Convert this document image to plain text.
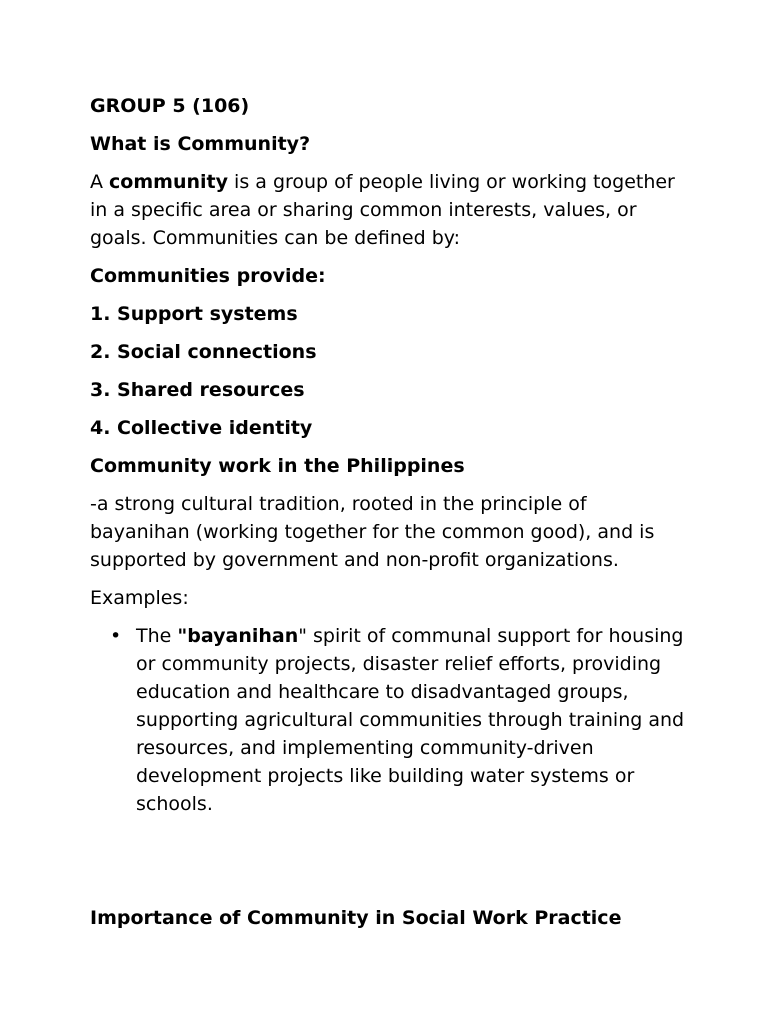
GROUP 5 (106)

What is Community?

A community is a group of people living or working together in a specific area or sharing common interests, values, or goals. Communities can be defined by:

Communities provide:

1. Support systems

2. Social connections

3. Shared resources

4. Collective identity

Community work in the Philippines

-a strong cultural tradition, rooted in the principle of bayanihan (working together for the common good), and is supported by government and non-profit organizations.

Examples:

• The "bayanihan" spirit of communal support for housing or community projects, disaster relief efforts, providing education and healthcare to disadvantaged groups, supporting agricultural communities through training and resources, and implementing community-driven development projects like building water systems or schools.

Importance of Community in Social Work Practice
